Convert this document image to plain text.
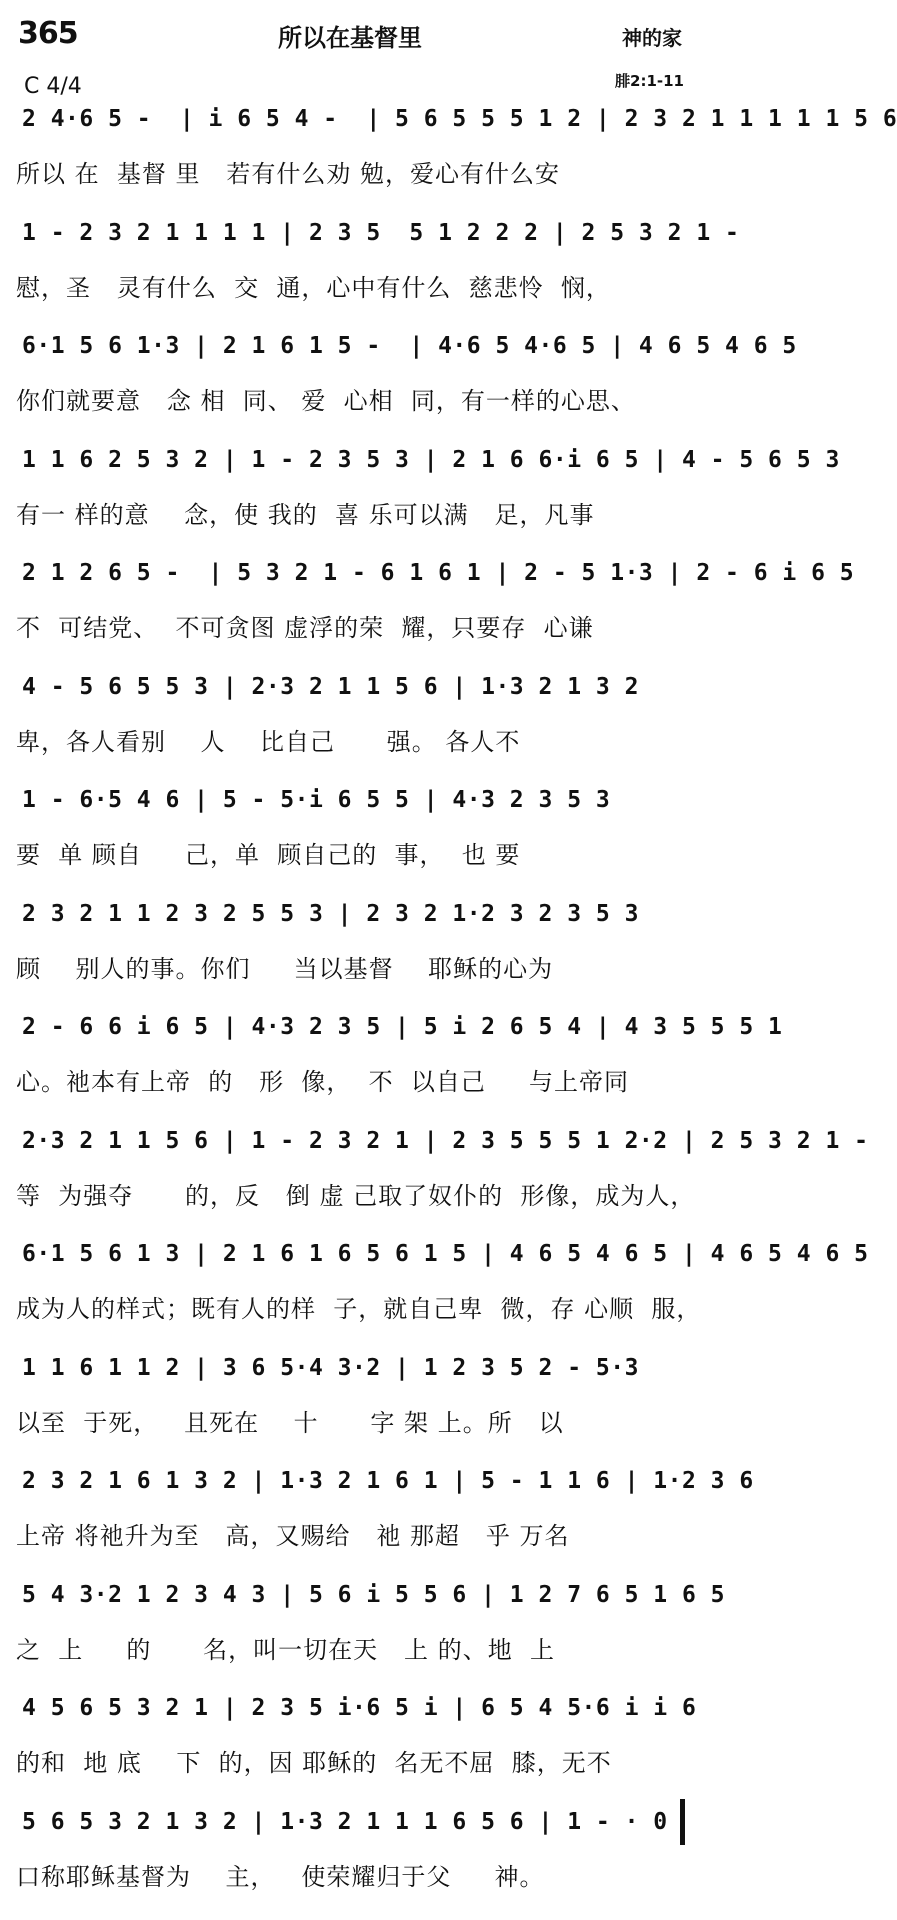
365	所以在基督里	神的家
C 4/4	腓2:1-11
2 4·6 5 -  | i 6 5 4 -  | 5 6 5 5 5 1 2 | 2 3 2 1 1 1 1 1 5 6
所以 在  基督 里   若有什么劝 勉，爱心有什么安
1 - 2 3 2 1 1 1 1 | 2 3 5  5 1 2 2 2 | 2 5 3 2 1 -
慰，圣   灵有什么  交  通，心中有什么  慈悲怜  悯，
6·1 5 6 1·3 | 2 1 6 1 5 -  | 4·6 5 4·6 5 | 4 6 5 4 6 5
你们就要意   念 相  同、 爱  心相  同，有一样的心思、
1 1 6 2 5 3 2 | 1 - 2 3 5 3 | 2 1 6 6·i 6 5 | 4 - 5 6 5 3
有一 样的意    念，使 我的  喜 乐可以满   足，凡事
2 1 2 6 5 -  | 5 3 2 1 - 6 1 6 1 | 2 - 5 1·3 | 2 - 6 i 6 5
不  可结党、  不可贪图 虚浮的荣  耀，只要存  心谦
4 - 5 6 5 5 3 | 2·3 2 1 1 5 6 | 1·3 2 1 3 2
卑，各人看别    人    比自己      强。 各人不
1 - 6·5 4 6 | 5 - 5·i 6 5 5 | 4·3 2 3 5 3
要  单 顾自     己，单  顾自己的  事，  也 要
2 3 2 1 1 2 3 2 5 5 3 | 2 3 2 1·2 3 2 3 5 3
顾    别人的事。你们     当以基督    耶稣的心为
2 - 6 6 i 6 5 | 4·3 2 3 5 | 5 i 2 6 5 4 | 4 3 5 5 5 1
心。祂本有上帝  的   形  像，  不  以自己     与上帝同
2·3 2 1 1 5 6 | 1 - 2 3 2 1 | 2 3 5 5 5 1 2·2 | 2 5 3 2 1 -
等  为强夺      的，反   倒 虚 己取了奴仆的  形像，成为人，
6·1 5 6 1 3 | 2 1 6 1 6 5 6 1 5 | 4 6 5 4 6 5 | 4 6 5 4 6 5
成为人的样式；既有人的样  子，就自己卑  微，存 心顺  服，
1 1 6 1 1 2 | 3 6 5·4 3·2 | 1 2 3 5 2 - 5·3
以至  于死，   且死在    十      字 架 上。所   以
2 3 2 1 6 1 3 2 | 1·3 2 1 6 1 | 5 - 1 1 6 | 1·2 3 6
上帝 将祂升为至   高，又赐给   祂 那超   乎 万名
5 4 3·2 1 2 3 4 3 | 5 6 i 5 5 6 | 1 2 7 6 5 1 6 5
之  上     的      名，叫一切在天   上 的、地  上
4 5 6 5 3 2 1 | 2 3 5 i·6 5 i | 6 5 4 5·6 i i 6
的和  地 底    下  的，因 耶稣的  名无不屈  膝，无不
5 6 5 3 2 1 3 2 | 1·3 2 1 1 1 6 5 6 | 1 - · 0
口称耶稣基督为    主，   使荣耀归于父     神。
